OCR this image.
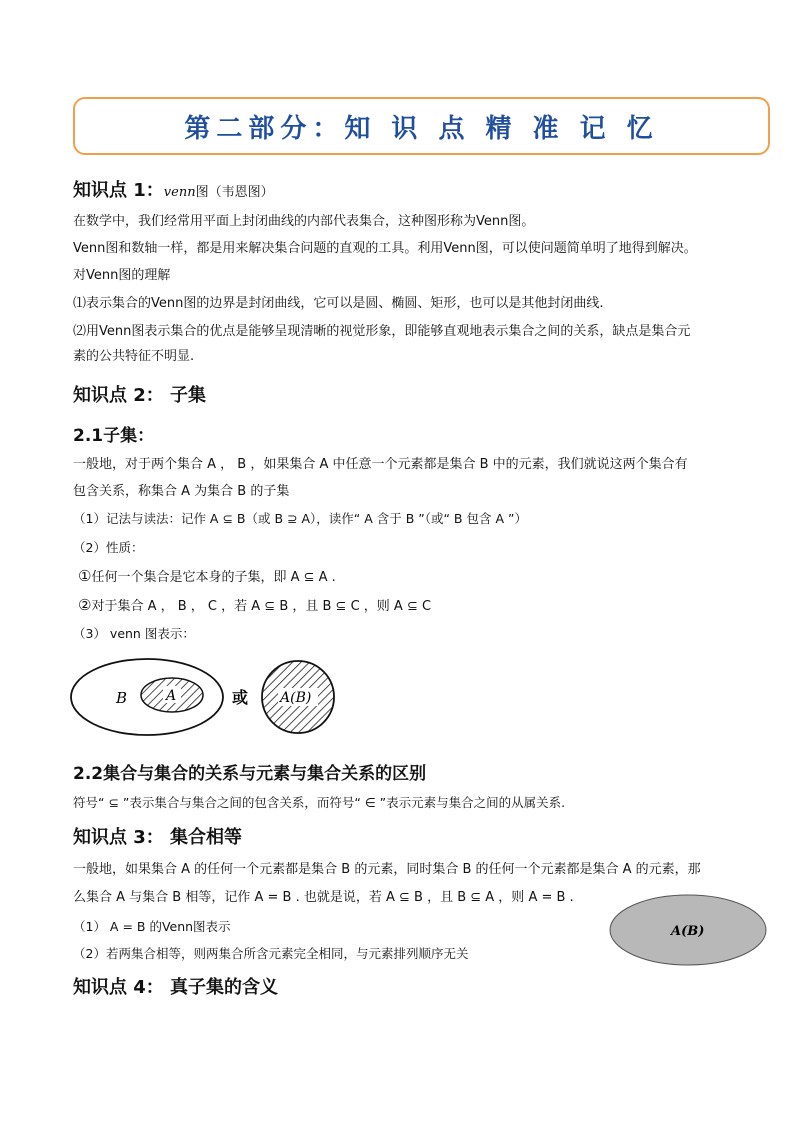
第二部分：知 识 点 精 准 记 忆
知识点 1：venn图（韦恩图）
在数学中，我们经常用平面上封闭曲线的内部代表集合，这种图形称为Venn图。
Venn图和数轴一样，都是用来解决集合问题的直观的工具。利用Venn图，可以使问题简单明了地得到解决。
对Venn图的理解
⑴表示集合的Venn图的边界是封闭曲线，它可以是圆、椭圆、矩形，也可以是其他封闭曲线.
⑵用Venn图表示集合的优点是能够呈现清晰的视觉形象，即能够直观地表示集合之间的关系，缺点是集合元
素的公共特征不明显.
知识点 2： 子集
2.1子集：
一般地，对于两个集合 A ， B ，如果集合 A 中任意一个元素都是集合 B 中的元素，我们就说这两个集合有
包含关系，称集合 A 为集合 B 的子集
（1）记法与读法：记作 A ⊆ B（或 B ⊇ A），读作“ A 含于 B ”（或“ B 包含 A ”）
（2）性质：
①任何一个集合是它本身的子集，即 A ⊆ A .
②对于集合 A ， B ， C ，若 A ⊆ B ，且 B ⊆ C ，则 A ⊆ C
（3） venn 图表示：
B	A	或 A(B)
2.2集合与集合的关系与元素与集合关系的区别
符号“ ⊆ ”表示集合与集合之间的包含关系，而符号“ ∈ ”表示元素与集合之间的从属关系.
知识点 3： 集合相等
一般地，如果集合 A 的任何一个元素都是集合 B 的元素，同时集合 B 的任何一个元素都是集合 A 的元素，那
么集合 A 与集合 B 相等，记作 A = B . 也就是说，若 A ⊆ B ，且 B ⊆ A ，则 A = B .
（1） A = B 的Venn图表示
（2）若两集合相等，则两集合所含元素完全相同，与元素排列顺序无关
A(B)
知识点 4： 真子集的含义
